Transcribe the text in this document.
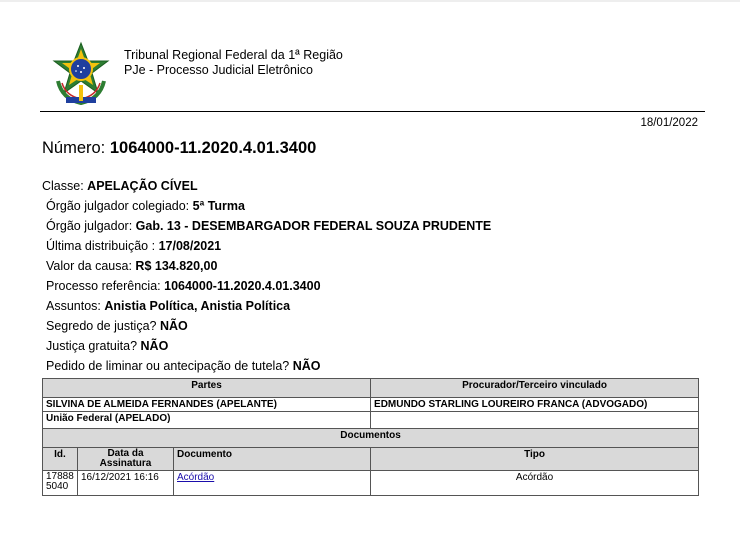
Tribunal Regional Federal da 1ª Região
PJe - Processo Judicial Eletrônico
18/01/2022
Número: 1064000-11.2020.4.01.3400
Classe: APELAÇÃO CÍVEL
Órgão julgador colegiado: 5ª Turma
Órgão julgador: Gab. 13 - DESEMBARGADOR FEDERAL SOUZA PRUDENTE
Última distribuição : 17/08/2021
Valor da causa: R$ 134.820,00
Processo referência: 1064000-11.2020.4.01.3400
Assuntos: Anistia Política, Anistia Política
Segredo de justiça? NÃO
Justiça gratuita? NÃO
Pedido de liminar ou antecipação de tutela? NÃO
Partes			Procurador/Terceiro vinculado
SILVINA DE ALMEIDA FERNANDES (APELANTE)			EDMUNDO STARLING LOUREIRO FRANCA (ADVOGADO)
União Federal (APELADO)			
Documentos			
Id.	Data da Assinatura	Documento	Tipo
17888 5040	16/12/2021 16:16	Acórdão	Acórdão
